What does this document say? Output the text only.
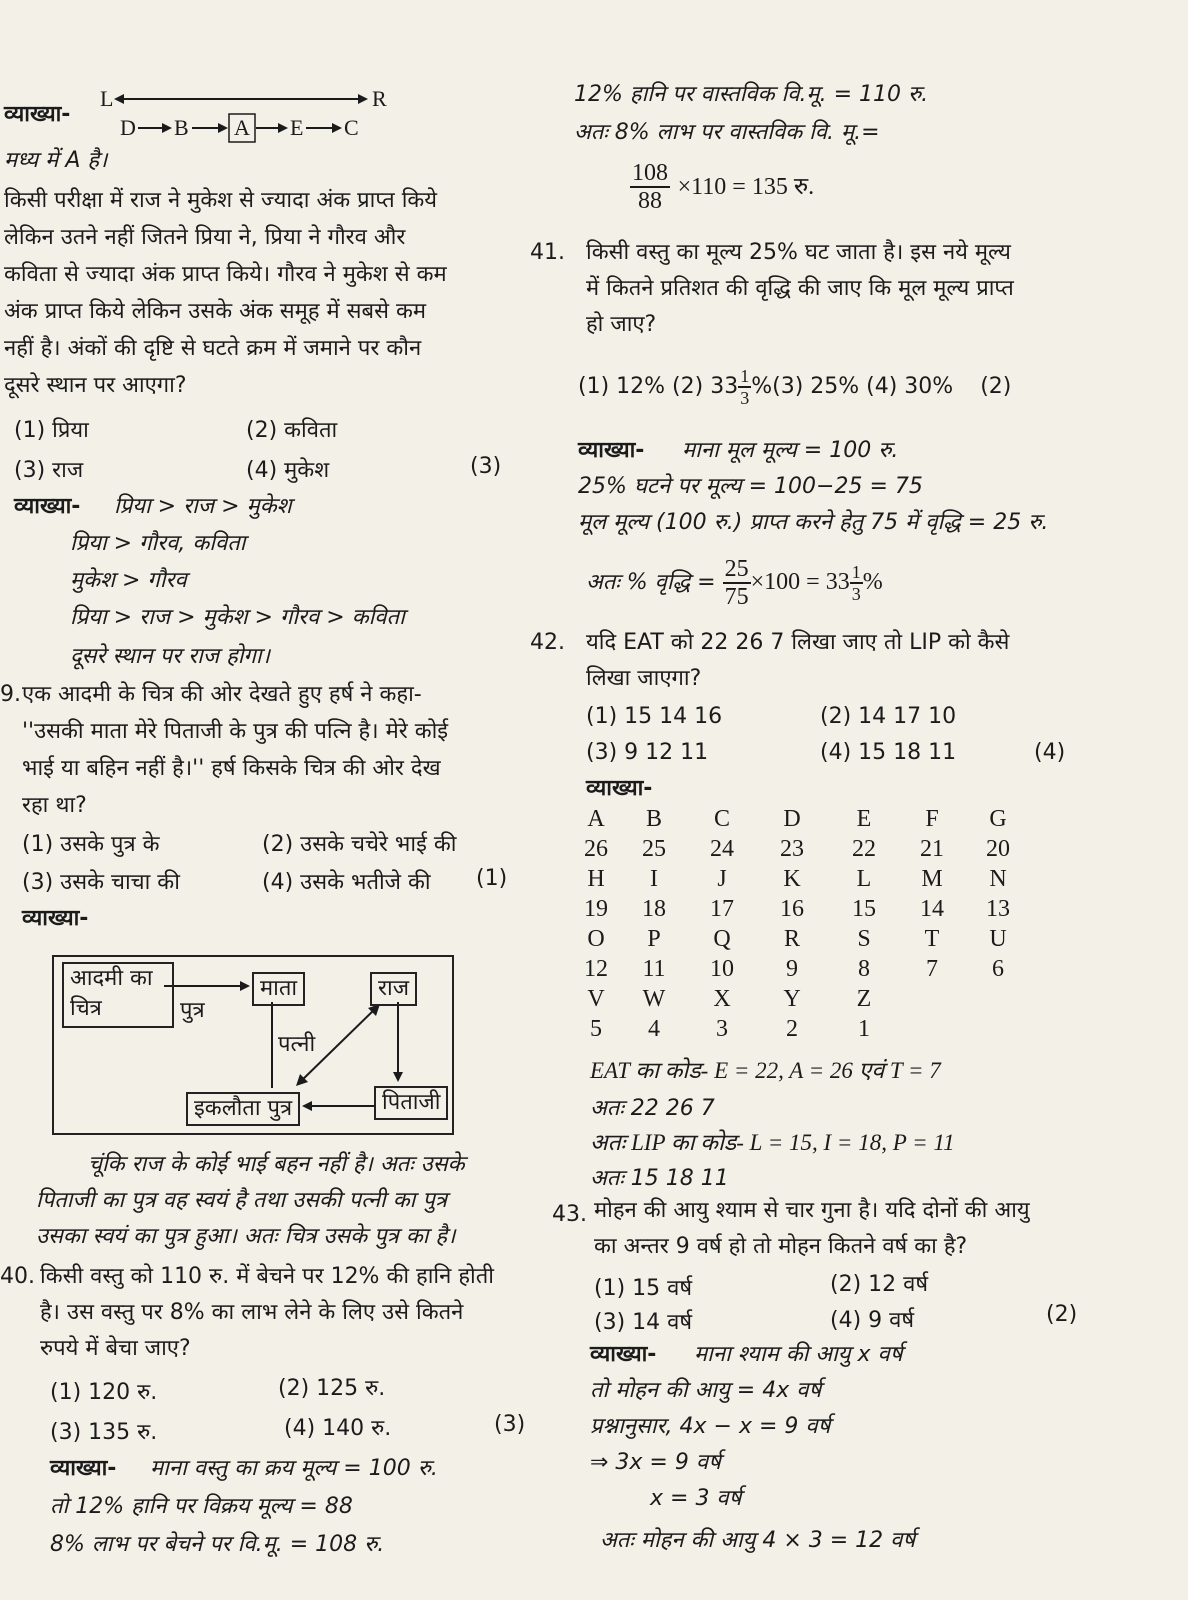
व्याख्या-
L	R
D B A E C
मध्य में A है।
किसी परीक्षा में राज ने मुकेश से ज्यादा अंक प्राप्त किये
लेकिन उतने नहीं जितने प्रिया ने, प्रिया ने गौरव और
कविता से ज्यादा अंक प्राप्त किये। गौरव ने मुकेश से कम
अंक प्राप्त किये लेकिन उसके अंक समूह में सबसे कम
नहीं है। अंकों की दृष्टि से घटते क्रम में जमाने पर कौन
दूसरे स्थान पर आएगा?
(1) प्रिया	(2) कविता
(3) राज	(4) मुकेश	(3)
व्याख्या- प्रिया > राज > मुकेश
प्रिया > गौरव, कविता
मुकेश > गौरव
प्रिया > राज > मुकेश > गौरव > कविता
दूसरे स्थान पर राज होगा।
9. एक आदमी के चित्र की ओर देखते हुए हर्ष ने कहा-
''उसकी माता मेरे पिताजी के पुत्र की पत्नि है। मेरे कोई
भाई या बहिन नहीं है।'' हर्ष किसके चित्र की ओर देख
रहा था?
(1) उसके पुत्र के	(2) उसके चचेरे भाई की
(3) उसके चाचा की	(4) उसके भतीजे की (1)
व्याख्या-
आदमी का
चित्र	पुत्र
माता	राज
पत्नी
इकलौता पुत्र	पिताजी
चूंकि राज के कोई भाई बहन नहीं है। अतः उसके
पिताजी का पुत्र वह स्वयं है तथा उसकी पत्नी का पुत्र
उसका स्वयं का पुत्र हुआ। अतः चित्र उसके पुत्र का है।
40. किसी वस्तु को 110 रु. में बेचने पर 12% की हानि होती
है। उस वस्तु पर 8% का लाभ लेने के लिए उसे कितने
रुपये में बेचा जाए?
(1) 120 रु.	(2) 125 रु.
(3) 135 रु.	(4) 140 रु.	(3)
व्याख्या- माना वस्तु का क्रय मूल्य = 100 रु.
तो 12% हानि पर विक्रय मूल्य = 88
8% लाभ पर बेचने पर वि.मू. = 108 रु.
12% हानि पर वास्तविक वि.मू. = 110 रु.
अतः 8% लाभ पर वास्तविक वि. मू.=
$\frac{108}{88} \times 110 = 135$ रु.
41. किसी वस्तु का मूल्य 25% घट जाता है। इस नये मूल्य
में कितने प्रतिशत की वृद्धि की जाए कि मूल मूल्य प्राप्त
हो जाए?
(1) 12% (2) $33 \frac{1}{3} \%(3)$ 25% (4) 30% (2)
व्याख्या- माना मूल मूल्य = 100 रु.
25% घटने पर मूल्य = 100−25 = 75
मूल मूल्य (100 रु.) प्राप्त करने हेतु 75 में वृद्धि = 25 रु.
अतः % वृद्धि = $\frac{25}{75} \times 100 = 33 \frac{1}{3}$ %
42. यदि EAT को 22 26 7 लिखा जाए तो LIP को कैसे
लिखा जाएगा?
(1) 15 14 16	(2) 14 17 10
(3) 9 12 11	(4) 15 18 11	(4)
व्याख्या-
A	B	C	D	E	F	G
26	25	24	23	22	21	20
H	I	J	K	L	M	N
19	18	17	16	15	14	13
O	P	Q	R	S	T	U
12	11	10	9	8	7	6
V	W	X	Y	Z
5	4	3	2	1
EAT का कोड- E = 22, A = 26 एवं T = 7
अतः 22 26 7
अतः LIP का कोड- L = 15, I = 18, P = 11
अतः 15 18 11
43. मोहन की आयु श्याम से चार गुना है। यदि दोनों की आयु
का अन्तर 9 वर्ष हो तो मोहन कितने वर्ष का है?
(1) 15 वर्ष	(2) 12 वर्ष
(3) 14 वर्ष	(4) 9 वर्ष	(2)
व्याख्या- माना श्याम की आयु x वर्ष
तो मोहन की आयु = 4x वर्ष
प्रश्नानुसार, 4x − x = 9 वर्ष
⇒ 3x = 9 वर्ष
x = 3 वर्ष
अतः मोहन की आयु 4 × 3 = 12 वर्ष
